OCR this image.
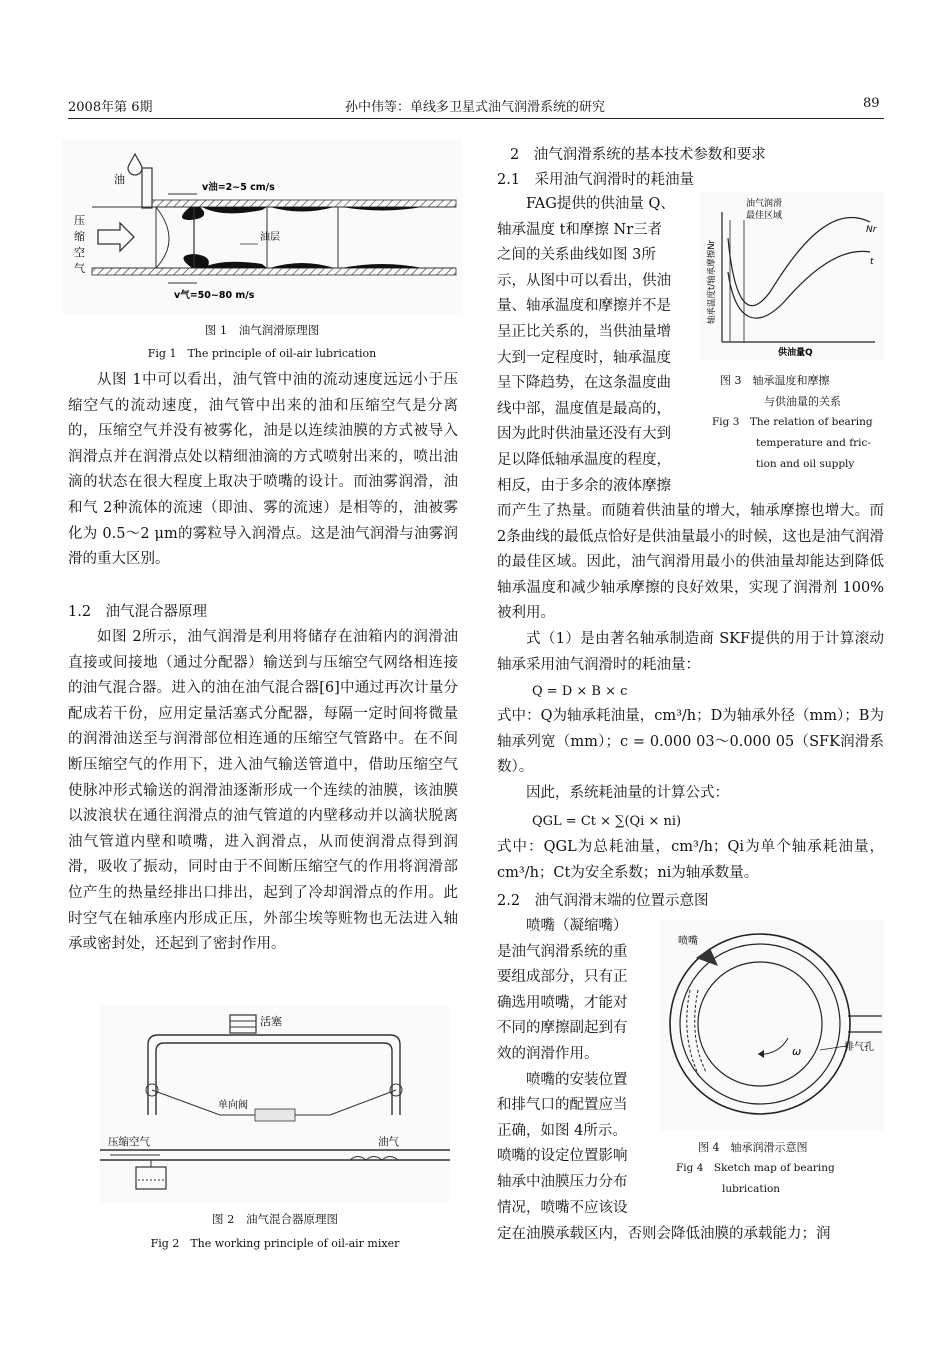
2008年第 6期	孙中伟等：单线多卫星式油气润滑系统的研究	89
油
v油=2~5 cm/s
v气=50~80 m/s
压
缩
空
气
油层
图 1　油气润滑原理图
Fig 1　The principle of oil-air lubrication

从图 1中可以看出，油气管中油的流动速度远远小于压缩空气的流动速度，油气管中出来的油和压缩空气是分离的，压缩空气并没有被雾化，油是以连续油膜的方式被导入润滑点并在润滑点处以精细油滴的方式喷射出来的，喷出油滴的状态在很大程度上取决于喷嘴的设计。而油雾润滑，油和气 2种流体的流速（即油、雾的流速）是相等的，油被雾化为 0.5～2 μm的雾粒导入润滑点。这是油气润滑与油雾润滑的重大区别。

1.2　油气混合器原理

如图 2所示，油气润滑是利用将储存在油箱内的润滑油直接或间接地（通过分配器）输送到与压缩空气网络相连接的油气混合器。进入的油在油气混合器[6]中通过再次计量分配成若干份，应用定量活塞式分配器，每隔一定时间将微量的润滑油送至与润滑部位相连通的压缩空气管路中。在不间断压缩空气的作用下，进入油气输送管道中，借助压缩空气使脉冲形式输送的润滑油逐渐形成一个连续的油膜，该油膜以波浪状在通往润滑点的油气管道的内壁移动并以滴状脱离油气管道内壁和喷嘴，进入润滑点，从而使润滑点得到润滑，吸收了振动，同时由于不间断压缩空气的作用将润滑部位产生的热量经排出口排出，起到了冷却润滑点的作用。此时空气在轴承座内形成正压，外部尘埃等赃物也无法进入轴承或密封处，还起到了密封作用。

活塞
单向阀
压缩空气	油气
图 2　油气混合器原理图
Fig 2　The working principle of oil-air mixer
2　油气润滑系统的基本技术参数和要求
2.1　采用油气润滑时的耗油量
FAG提供的供油量 Q、
轴承温度 t和摩擦 Nr三者
之间的关系曲线如图 3所
示，从图中可以看出，供油
量、轴承温度和摩擦并不是
呈正比关系的，当供油量增
大到一定程度时，轴承温度
呈下降趋势，在这条温度曲
线中部，温度值是最高的，
因为此时供油量还没有大到
足以降低轴承温度的程度，
相反，由于多余的液体摩擦
油气润滑
最佳区域
轴承温度t/轴承摩擦Nr
供油量Q
Nr
t
图 3　轴承温度和摩擦
与供油量的关系
Fig 3　The relation of bearing
temperature and fric-
tion and oil supply

而产生了热量。而随着供油量的增大，轴承摩擦也增大。而 2条曲线的最低点恰好是供油量最小的时候，这也是油气润滑的最佳区域。因此，油气润滑用最小的供油量却能达到降低轴承温度和减少轴承摩擦的良好效果，实现了润滑剂 100%被利用。

式（1）是由著名轴承制造商 SKF提供的用于计算滚动轴承采用油气润滑时的耗油量：

Q = D × B × c

式中：Q为轴承耗油量，cm³/h；D为轴承外径（mm）；B为轴承列宽（mm）；c = 0.000 03～0.000 05（SFK润滑系数）。

因此，系统耗油量的计算公式：

QGL = Ct × ∑(Qi × ni)

式中：QGL为总耗油量，cm³/h；Qi为单个轴承耗油量，cm³/h；Ct为安全系数；ni为轴承数量。

2.2　油气润滑末端的位置示意图
喷嘴（凝缩嘴）
是油气润滑系统的重
要组成部分，只有正
确选用喷嘴，才能对
不同的摩擦副起到有
效的润滑作用。
喷嘴的安装位置
和排气口的配置应当
正确，如图 4所示。
喷嘴的设定位置影响
轴承中油膜压力分布
情况，喷嘴不应该设
喷嘴
ω	排气孔
图 4　轴承润滑示意图
Fig 4　Sketch map of bearing
lubrication

定在油膜承载区内，否则会降低油膜的承载能力；润
